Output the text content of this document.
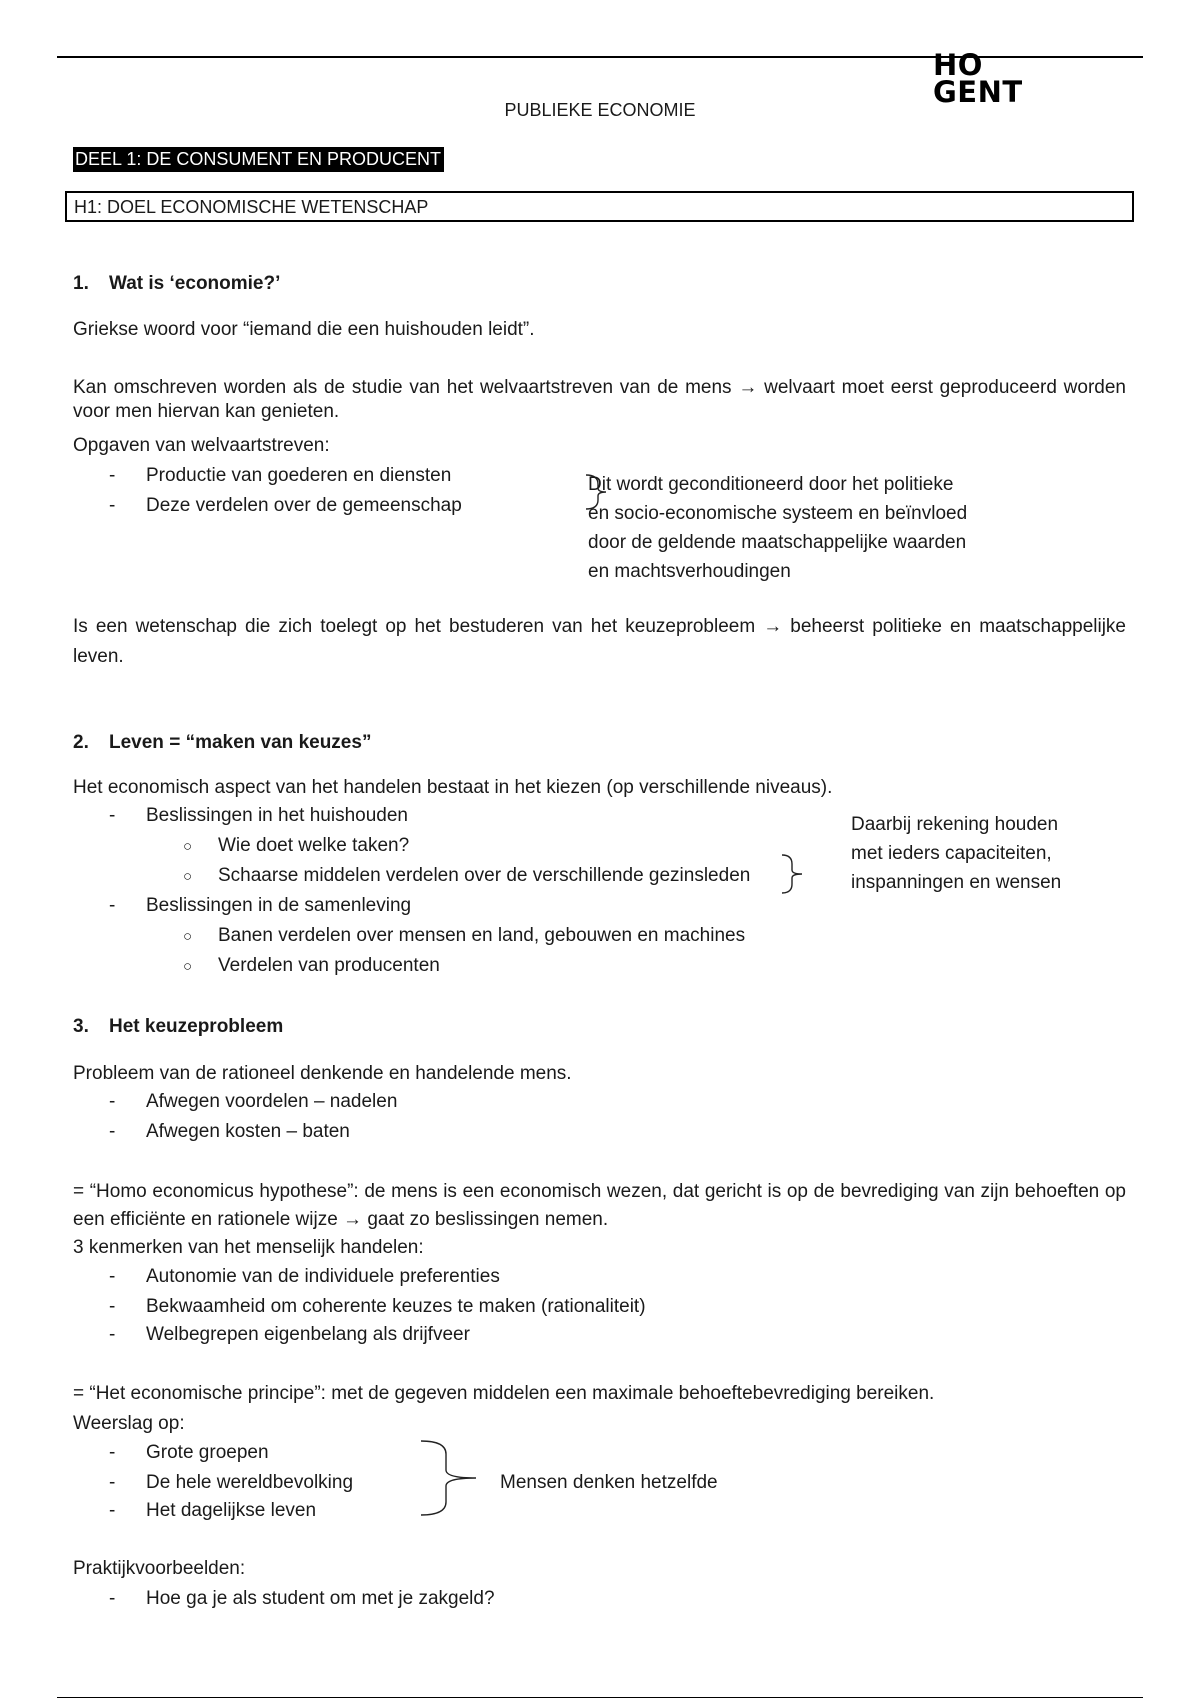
HO
GENT
PUBLIEKE ECONOMIE
DEEL 1: DE CONSUMENT EN PRODUCENT
H1: DOEL ECONOMISCHE WETENSCHAP
1. Wat is ‘economie?’
Griekse woord voor “iemand die een huishouden leidt”.
Kan omschreven worden als de studie van het welvaartstreven van de mens → welvaart moet eerst geproduceerd worden voor men hiervan kan genieten.
Opgaven van welvaartstreven:
- Productie van goederen en diensten
- Deze verdelen over de gemeenschap
Dit wordt geconditioneerd door het politieke
en socio-economische systeem en beïnvloed
door de geldende maatschappelijke waarden
en machtsverhoudingen
Is een wetenschap die zich toelegt op het bestuderen van het keuzeprobleem → beheerst politieke en maatschappelijke leven.
2. Leven = “maken van keuzes”
Het economisch aspect van het handelen bestaat in het kiezen (op verschillende niveaus).
- Beslissingen in het huishouden
○ Wie doet welke taken?
○ Schaarse middelen verdelen over de verschillende gezinsleden
Daarbij rekening houden
met ieders capaciteiten,
inspanningen en wensen
- Beslissingen in de samenleving
○ Banen verdelen over mensen en land, gebouwen en machines
○ Verdelen van producenten
3. Het keuzeprobleem
Probleem van de rationeel denkende en handelende mens.
- Afwegen voordelen – nadelen
- Afwegen kosten – baten
= “Homo economicus hypothese”: de mens is een economisch wezen, dat gericht is op de bevrediging van zijn behoeften op een efficiënte en rationele wijze → gaat zo beslissingen nemen.
3 kenmerken van het menselijk handelen:
- Autonomie van de individuele preferenties
- Bekwaamheid om coherente keuzes te maken (rationaliteit)
- Welbegrepen eigenbelang als drijfveer
= “Het economische principe”: met de gegeven middelen een maximale behoeftebevrediging bereiken.
Weerslag op:
- Grote groepen
- De hele wereldbevolking
- Het dagelijkse leven
Mensen denken hetzelfde
Praktijkvoorbeelden:
- Hoe ga je als student om met je zakgeld?
